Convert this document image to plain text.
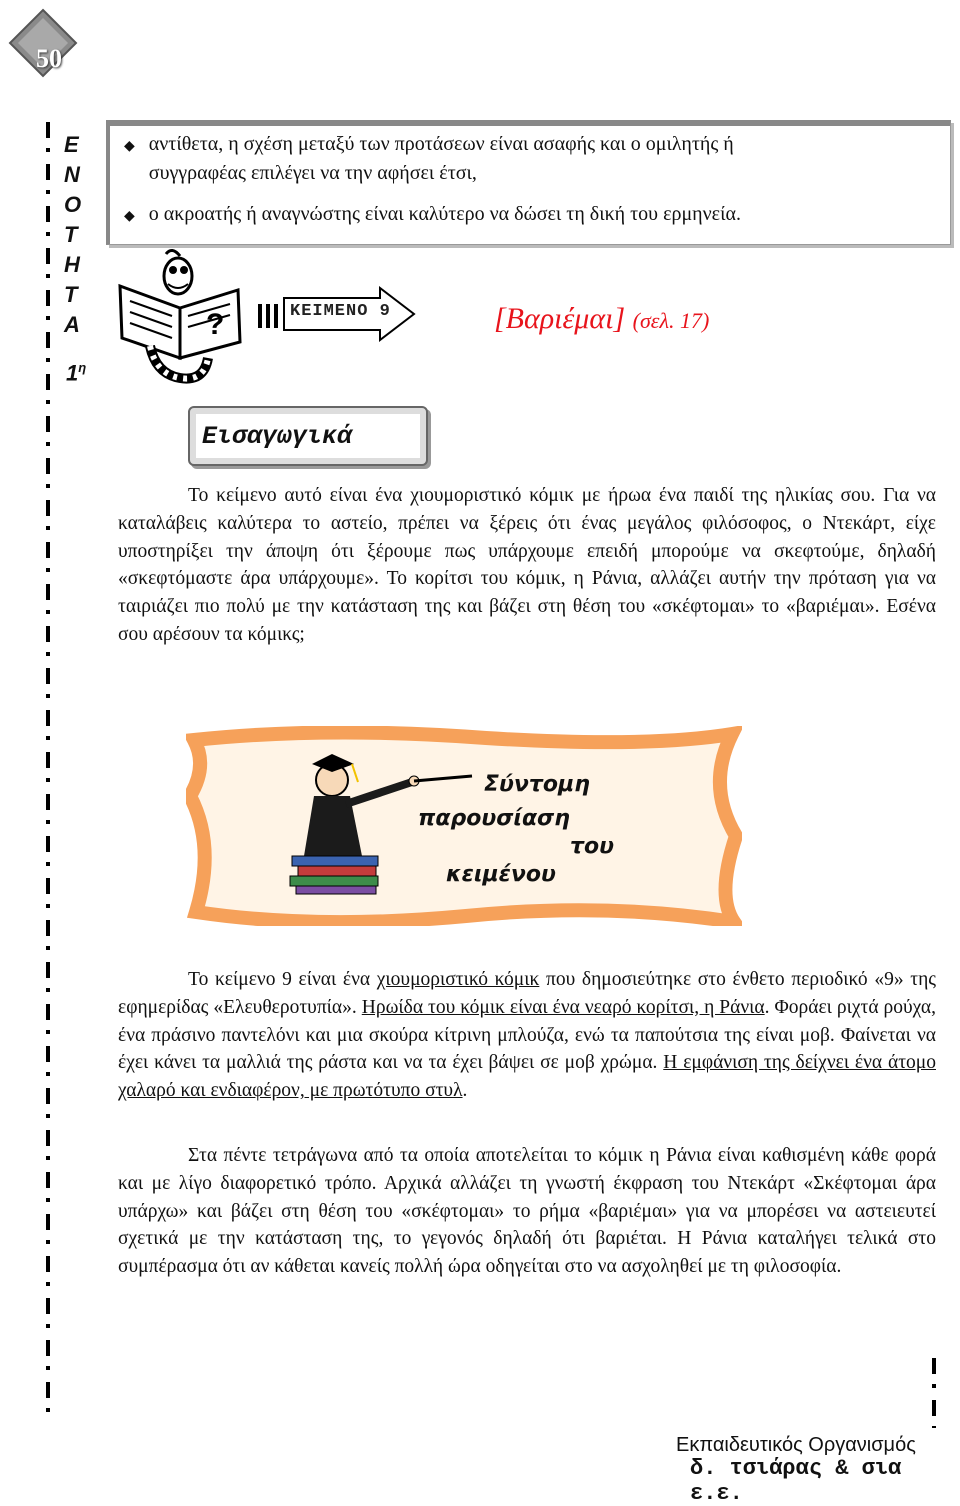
50
Ε
Ν
Ο
Τ
Η
Τ
Α
$1^\eta$
◆ αντίθετα, η σχέση μεταξύ των προτάσεων είναι ασαφής και ο ομιλητής ή
συγγραφέας επιλέγει να την αφήσει έτσι,
◆ ο ακροατής ή αναγνώστης είναι καλύτερο να δώσει τη δική του ερμηνεία.
?	ΚΕΙΜΕΝΟ 9	[Βαριέμαι] (σελ. 17)
Εισαγωγικά

Το κείμενο αυτό είναι ένα χιουμοριστικό κόμικ με ήρωα ένα παιδί της ηλικίας σου. Για να καταλάβεις καλύτερα το αστείο, πρέπει να ξέρεις ότι ένας μεγάλος φιλόσοφος, ο Ντεκάρτ, είχε υποστηρίξει την άποψη ότι ξέρουμε πως υπάρχουμε επειδή μπορούμε να σκεφτούμε, δηλαδή «σκεφτόμαστε άρα υπάρχουμε». Το κορίτσι του κόμικ, η Ράνια, αλλάζει αυτήν την πρόταση για να ταιριάζει πιο πολύ με την κατάσταση της και βάζει στη θέση του «σκέφτομαι» το «βαριέμαι». Εσένα σου αρέσουν τα κόμικς;

Σύντομη
παρουσίαση
του
κειμένου

Το κείμενο 9 είναι ένα χιουμοριστικό κόμικ που δημοσιεύτηκε στο ένθετο περιοδικό «9» της εφημερίδας «Ελευθεροτυπία». Ηρωίδα του κόμικ είναι ένα νεαρό κορίτσι, η Ράνια. Φοράει ριχτά ρούχα, ένα πράσινο παντελόνι και μια σκούρα κίτρινη μπλούζα, ενώ τα παπούτσια της είναι μοβ. Φαίνεται να έχει κάνει τα μαλλιά της ράστα και να τα έχει βάψει σε μοβ χρώμα. Η εμφάνιση της δείχνει ένα άτομο χαλαρό και ενδιαφέρον, με πρωτότυπο στυλ.

Στα πέντε τετράγωνα από τα οποία αποτελείται το κόμικ η Ράνια είναι καθισμένη κάθε φορά και με λίγο διαφορετικό τρόπο. Αρχικά αλλάζει τη γνωστή έκφραση του Ντεκάρτ «Σκέφτομαι άρα υπάρχω» και βάζει στη θέση του «σκέφτομαι» το ρήμα «βαριέμαι» για να μπορέσει να αστειευτεί σχετικά με την κατάσταση της, το γεγονός δηλαδή ότι βαριέται. Η Ράνια καταλήγει τελικά στο συμπέρασμα ότι αν κάθεται κανείς πολλή ώρα οδηγείται στο να ασχοληθεί με τη φιλοσοφία.

Εκπαιδευτικός Οργανισμός
δ. τσιάρας & σια ε.ε.
